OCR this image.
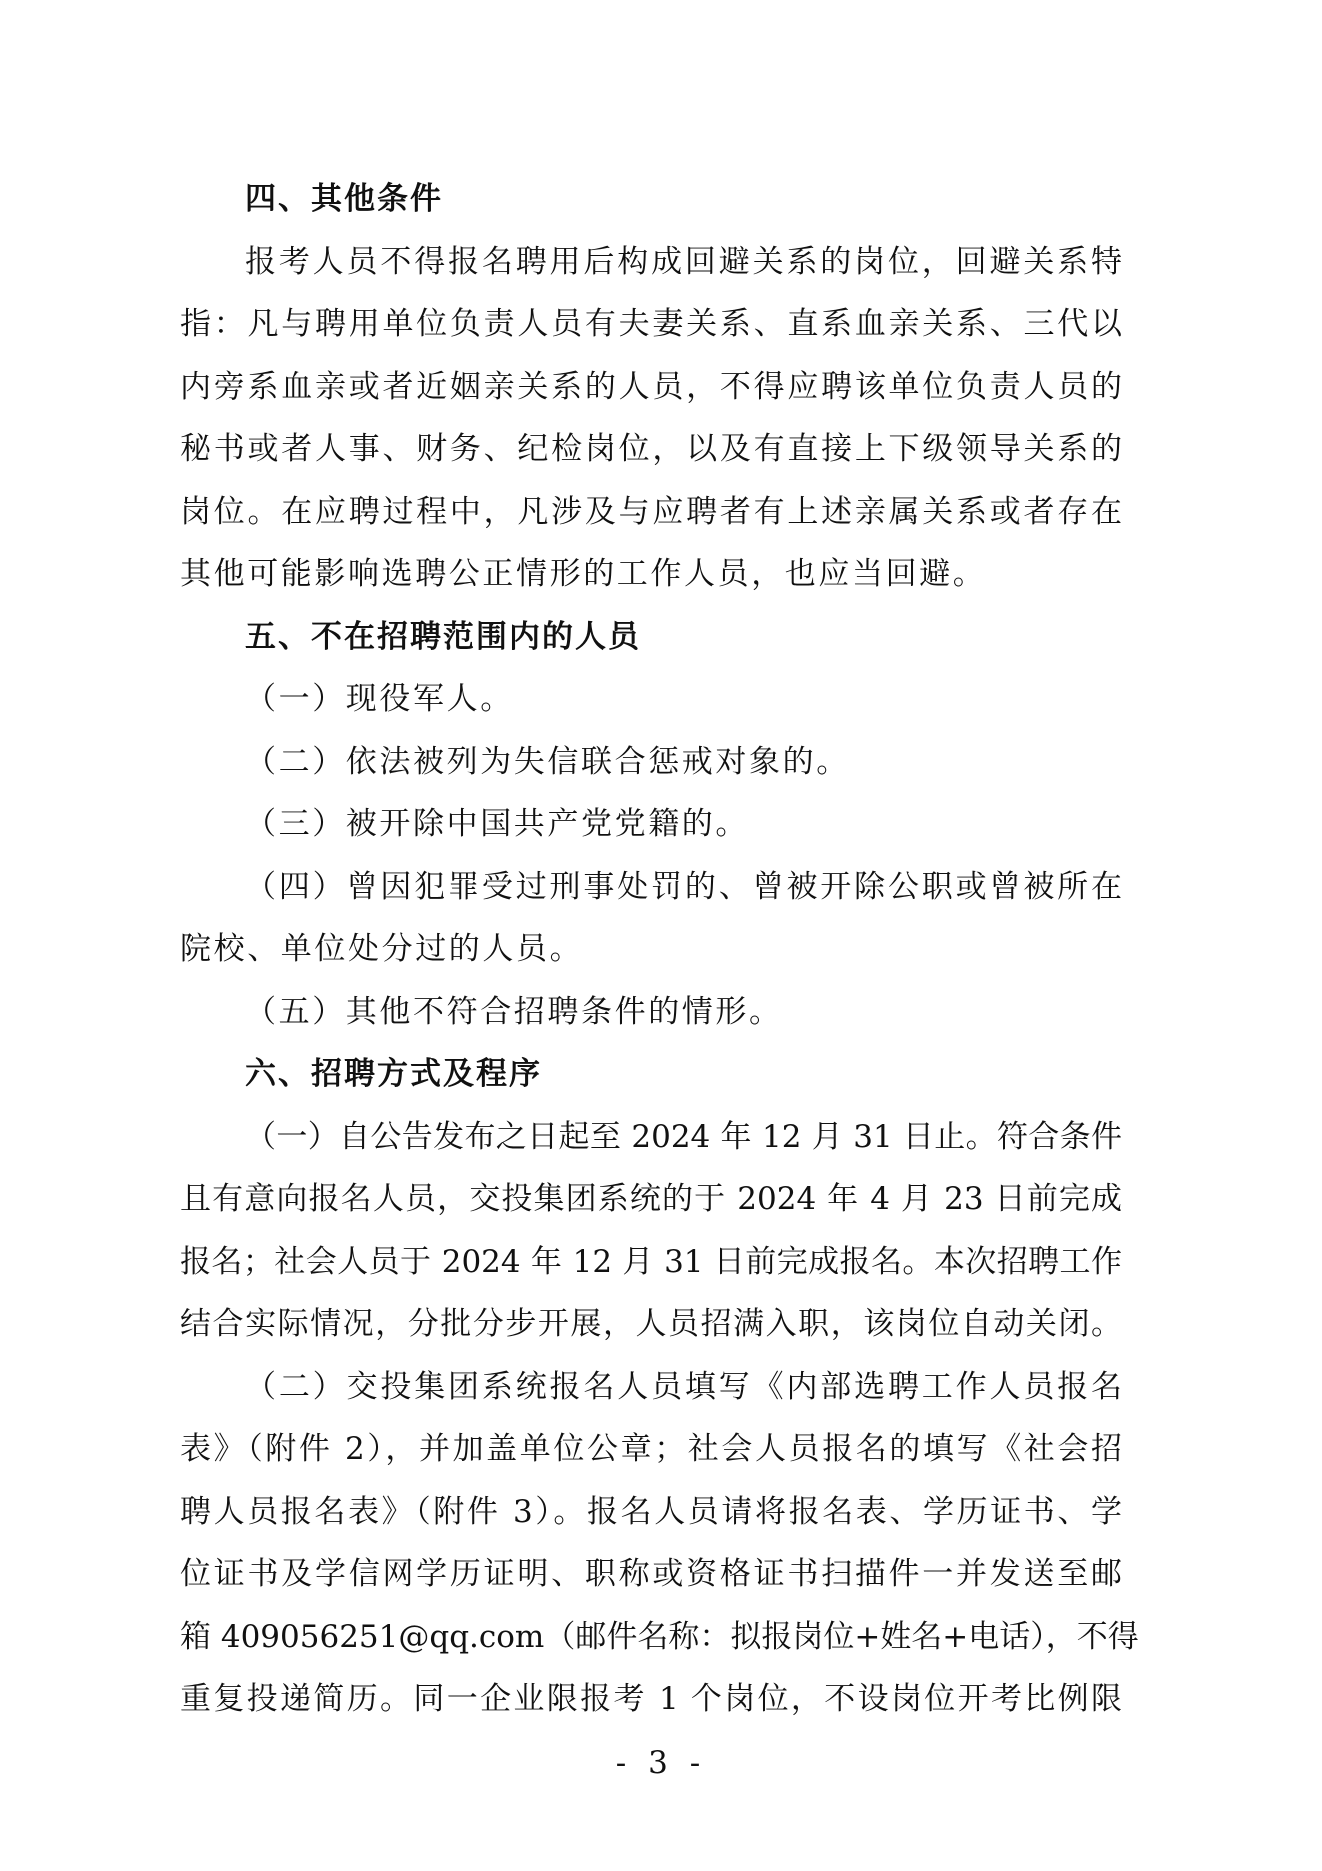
四、其他条件
报考人员不得报名聘用后构成回避关系的岗位，回避关系特
指：凡与聘用单位负责人员有夫妻关系、直系血亲关系、三代以
内旁系血亲或者近姻亲关系的人员，不得应聘该单位负责人员的
秘书或者人事、财务、纪检岗位，以及有直接上下级领导关系的
岗位。在应聘过程中，凡涉及与应聘者有上述亲属关系或者存在
其他可能影响选聘公正情形的工作人员，也应当回避。
五、不在招聘范围内的人员
（一）现役军人。
（二）依法被列为失信联合惩戒对象的。
（三）被开除中国共产党党籍的。
（四）曾因犯罪受过刑事处罚的、曾被开除公职或曾被所在
院校、单位处分过的人员。
（五）其他不符合招聘条件的情形。
六、招聘方式及程序
（一）自公告发布之日起至 2024 年 12 月 31 日止。符合条件
且有意向报名人员，交投集团系统的于 2024 年 4 月 23 日前完成
报名；社会人员于 2024 年 12 月 31 日前完成报名。本次招聘工作
结合实际情况，分批分步开展，人员招满入职，该岗位自动关闭。
（二）交投集团系统报名人员填写《内部选聘工作人员报名
表》（附件 2），并加盖单位公章；社会人员报名的填写《社会招
聘人员报名表》（附件 3）。报名人员请将报名表、学历证书、学
位证书及学信网学历证明、职称或资格证书扫描件一并发送至邮
箱 409056251@qq.com（邮件名称：拟报岗位+姓名+电话），不得
重复投递简历。同一企业限报考 1 个岗位，不设岗位开考比例限
- 3 -
